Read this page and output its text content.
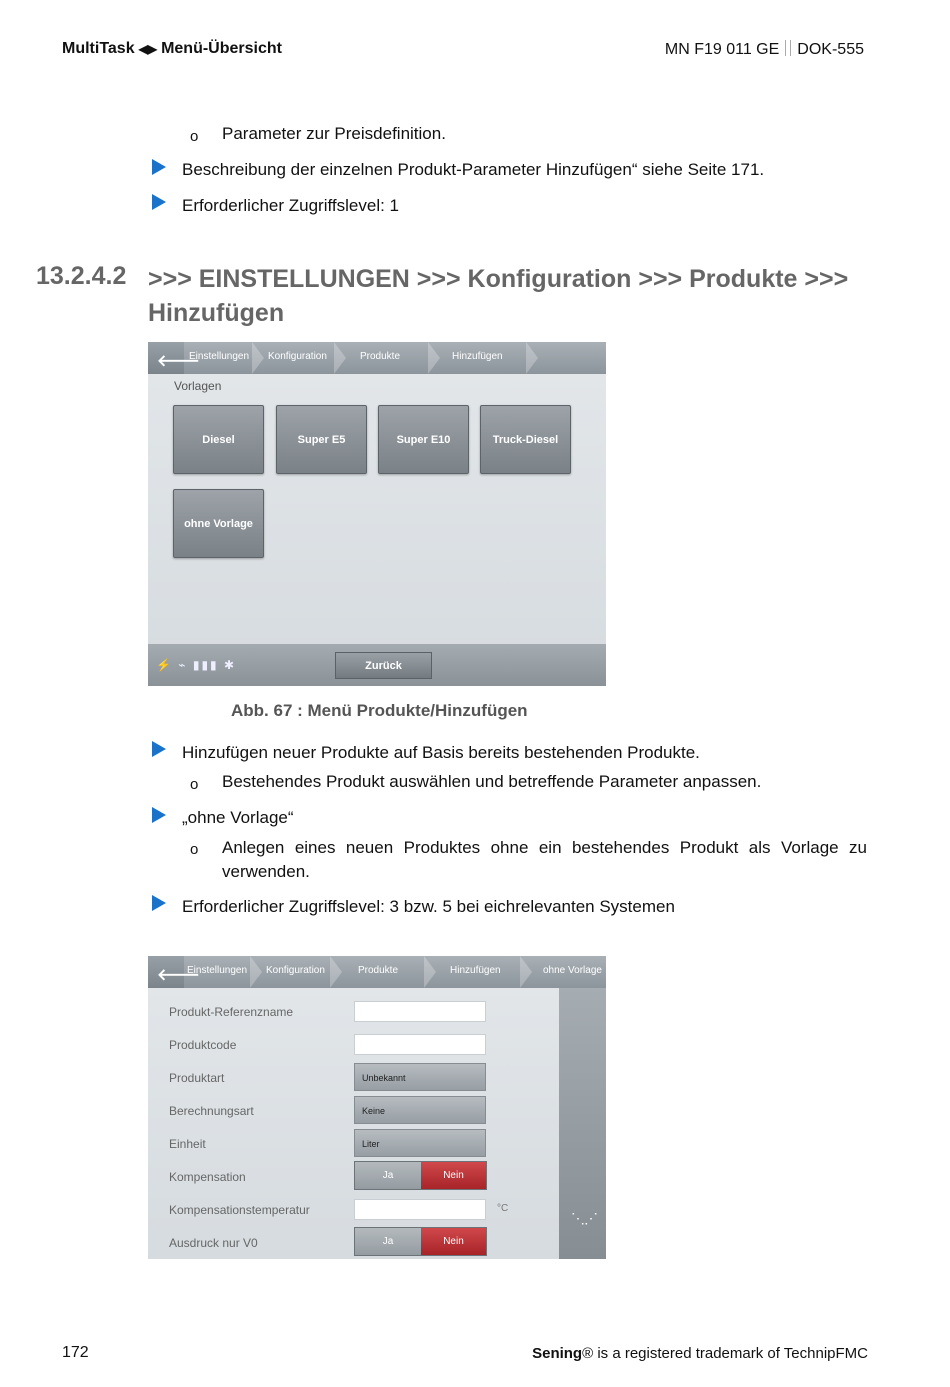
MultiTask ◀▶ Menü-Übersicht	MN F19 011 GE DOK-555
o Parameter zur Preisdefinition.
Beschreibung der einzelnen Produkt-Parameter Hinzufügen“ siehe Seite 171.
Erforderlicher Zugriffslevel: 1
13.2.4.2 >>> EINSTELLUNGEN >>> Konfiguration >>> Produkte >>> Hinzufügen
🡐
Einstellungen Konfiguration	Produkte	Hinzufügen
Vorlagen
Diesel	Super E5	Super E10	Truck-Diesel
ohne Vorlage
⚡ ⌁ ▮▮▮ ✱	Zurück
Abb. 67 : Menü Produkte/Hinzufügen
Hinzufügen neuer Produkte auf Basis bereits bestehenden Produkte.
o Bestehendes Produkt auswählen und betreffende Parameter anpassen.
„ohne Vorlage“
o Anlegen eines neuen Produktes ohne ein bestehendes Produkt als Vorlage zu verwenden.
Erforderlicher Zugriffslevel: 3 bzw. 5 bei eichrelevanten Systemen
🡐
Einstellungen Konfiguration	Produkte	Hinzufügen	ohne Vorlage
Produkt-Referenzname
Produktcode
Produktart	Unbekannt
Berechnungsart	Keine
Einheit	Liter
Kompensation	Ja	Nein
Kompensationstemperatur	°C
Ausdruck nur V0	Ja	Nein
⋱⋰
172	Sening® is a registered trademark of TechnipFMC
